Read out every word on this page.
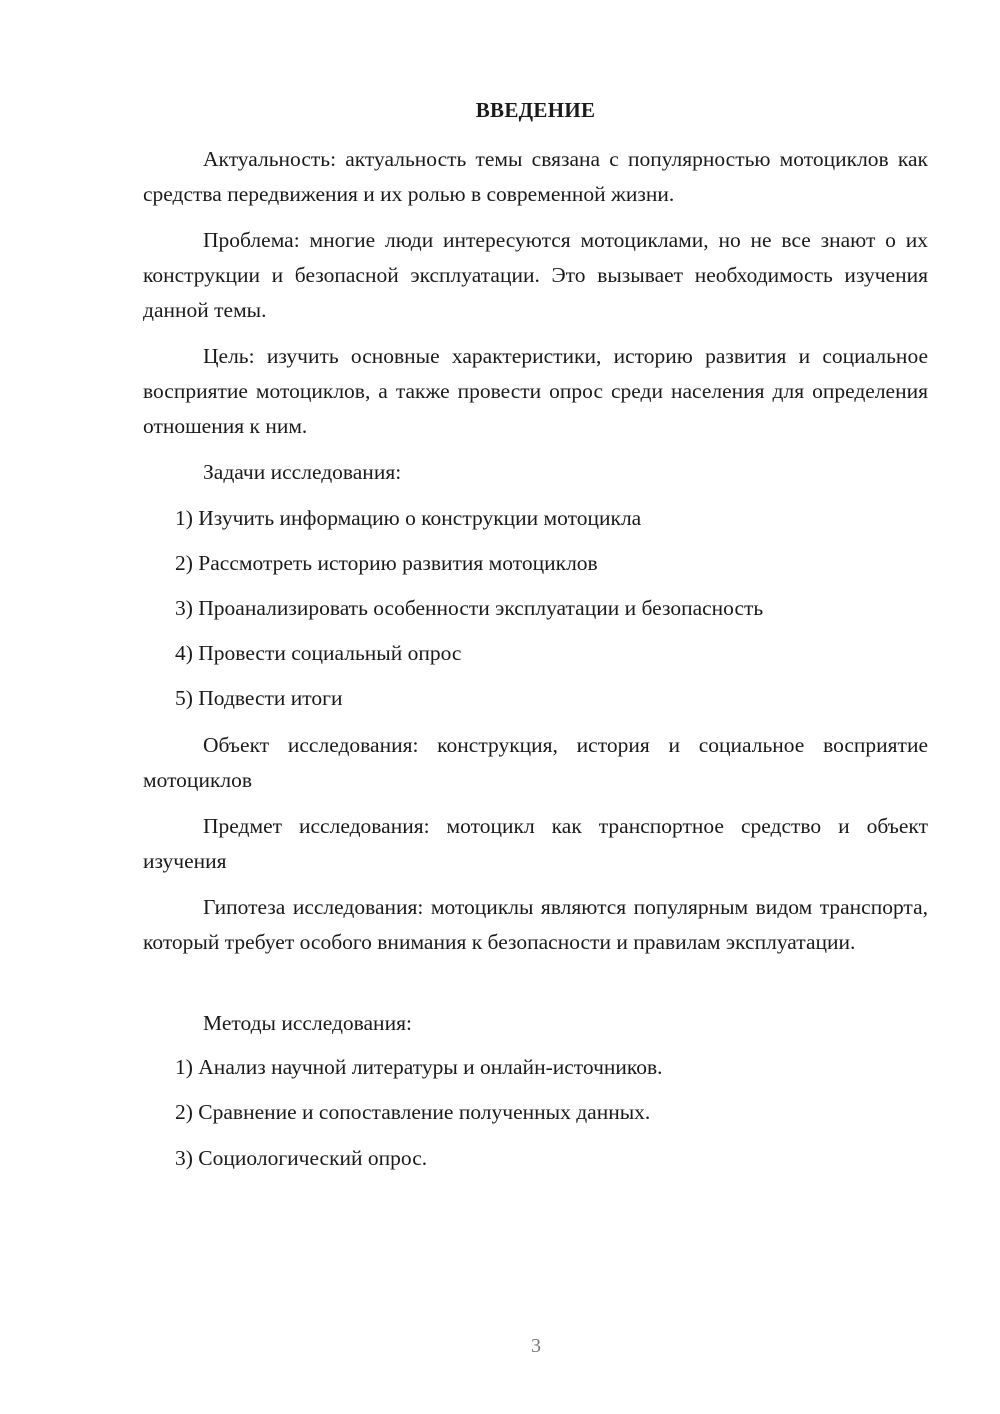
ВВЕДЕНИЕ

Актуальность: актуальность темы связана с популярностью мотоциклов как средства передвижения и их ролью в современной жизни.

Проблема: многие люди интересуются мотоциклами, но не все знают о их конструкции и безопасной эксплуатации. Это вызывает необходимость изучения данной темы.

Цель: изучить основные характеристики, историю развития и социальное восприятие мотоциклов, а также провести опрос среди населения для определения отношения к ним.

Задачи исследования:

1) Изучить информацию о конструкции мотоцикла

2) Рассмотреть историю развития мотоциклов

3) Проанализировать особенности эксплуатации и безопасность

4) Провести социальный опрос

5) Подвести итоги

Объект исследования: конструкция, история и социальное восприятие мотоциклов

Предмет исследования: мотоцикл как транспортное средство и объект изучения

Гипотеза исследования: мотоциклы являются популярным видом транспорта, который требует особого внимания к безопасности и правилам эксплуатации.

Методы исследования:

1) Анализ научной литературы и онлайн-источников.

2) Сравнение и сопоставление полученных данных.

3) Социологический опрос.

3
